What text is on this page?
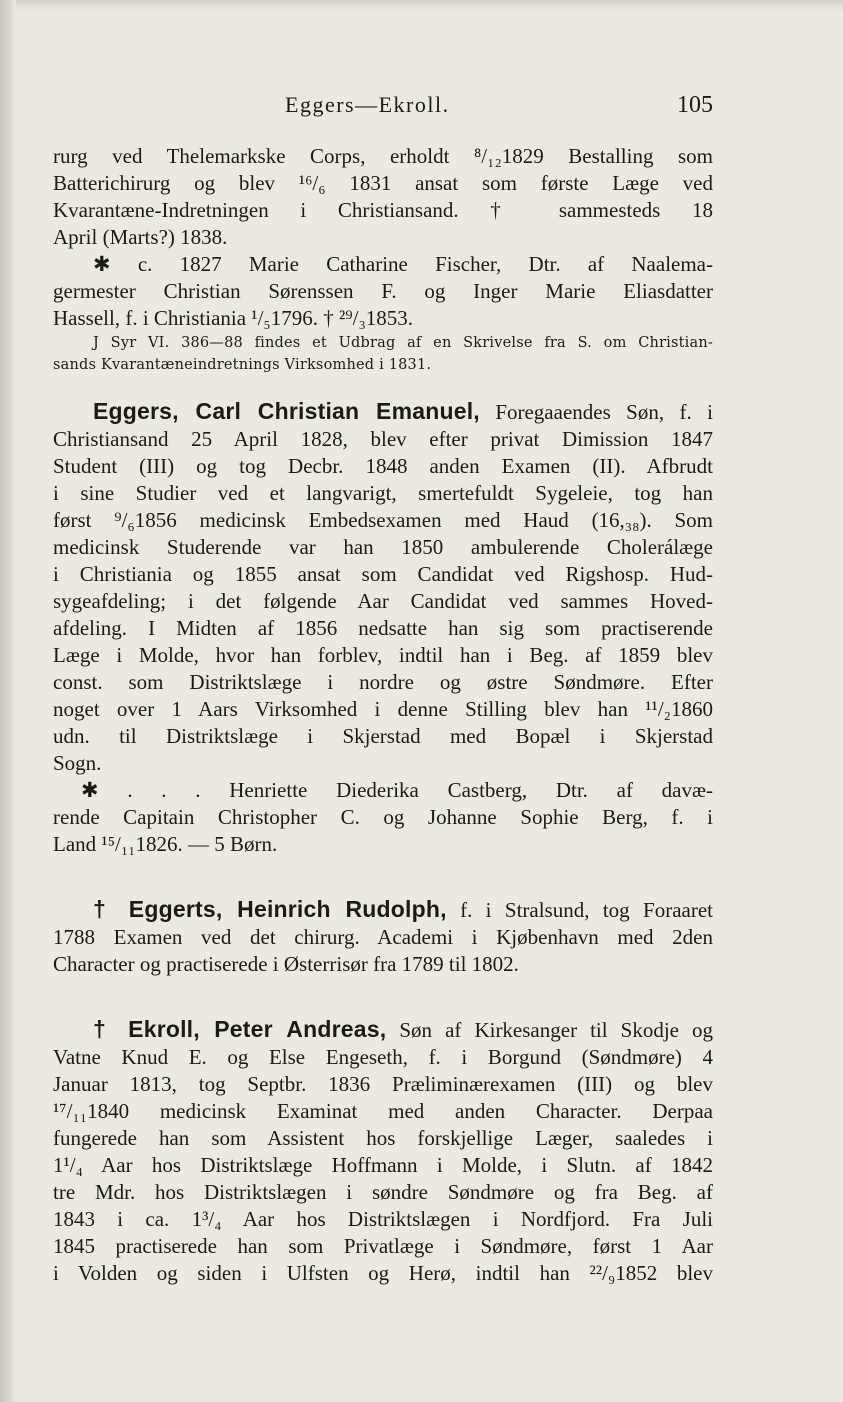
Eggers—Ekroll.	105
rurg ved Thelemarkske Corps, erholdt ⁸/₁₂1829 Bestalling som
Batterichirurg og blev ¹⁶/₆ 1831 ansat som første Læge ved
Kvarantæne-Indretningen i Christiansand. † sammesteds 18
April (Marts?) 1838.
✱ c. 1827 Marie Catharine Fischer, Dtr. af Naalema-
germester Christian Sørenssen F. og Inger Marie Eliasdatter
Hassell, f. i Christiania ¹/₅1796. † ²⁹/₃1853.
J Syr VI. 386—88 findes et Udbrag af en Skrivelse fra S. om Christian-
sands Kvarantæneindretnings Virksomhed i 1831.
Eggers, Carl Christian Emanuel, Foregaaendes Søn, f. i
Christiansand 25 April 1828, blev efter privat Dimission 1847
Student (III) og tog Decbr. 1848 anden Examen (II). Afbrudt
i sine Studier ved et langvarigt, smertefuldt Sygeleie, tog han
først ⁹/₆1856 medicinsk Embedsexamen med Haud (16,₃₈). Som
medicinsk Studerende var han 1850 ambulerende Cholerálæge
i Christiania og 1855 ansat som Candidat ved Rigshosp. Hud-
sygeafdeling; i det følgende Aar Candidat ved sammes Hoved-
afdeling. I Midten af 1856 nedsatte han sig som practiserende
Læge i Molde, hvor han forblev, indtil han i Beg. af 1859 blev
const. som Distriktslæge i nordre og østre Søndmøre. Efter
noget over 1 Aars Virksomhed i denne Stilling blev han ¹¹/₂1860
udn. til Distriktslæge i Skjerstad med Bopæl i Skjerstad
Sogn.
✱ . . . Henriette Diederika Castberg, Dtr. af davæ-
rende Capitain Christopher C. og Johanne Sophie Berg, f. i
Land ¹⁵/₁₁1826. — 5 Børn.
† Eggerts, Heinrich Rudolph, f. i Stralsund, tog Foraaret
1788 Examen ved det chirurg. Academi i Kjøbenhavn med 2den
Character og practiserede i Østerrisør fra 1789 til 1802.
† Ekroll, Peter Andreas, Søn af Kirkesanger til Skodje og
Vatne Knud E. og Else Engeseth, f. i Borgund (Søndmøre) 4
Januar 1813, tog Septbr. 1836 Præliminærexamen (III) og blev
¹⁷/₁₁1840 medicinsk Examinat med anden Character. Derpaa
fungerede han som Assistent hos forskjellige Læger, saaledes i
1¹/₄ Aar hos Distriktslæge Hoffmann i Molde, i Slutn. af 1842
tre Mdr. hos Distriktslægen i søndre Søndmøre og fra Beg. af
1843 i ca. 1³/₄ Aar hos Distriktslægen i Nordfjord. Fra Juli
1845 practiserede han som Privatlæge i Søndmøre, først 1 Aar
i Volden og siden i Ulfsten og Herø, indtil han ²²/₉1852 blev
